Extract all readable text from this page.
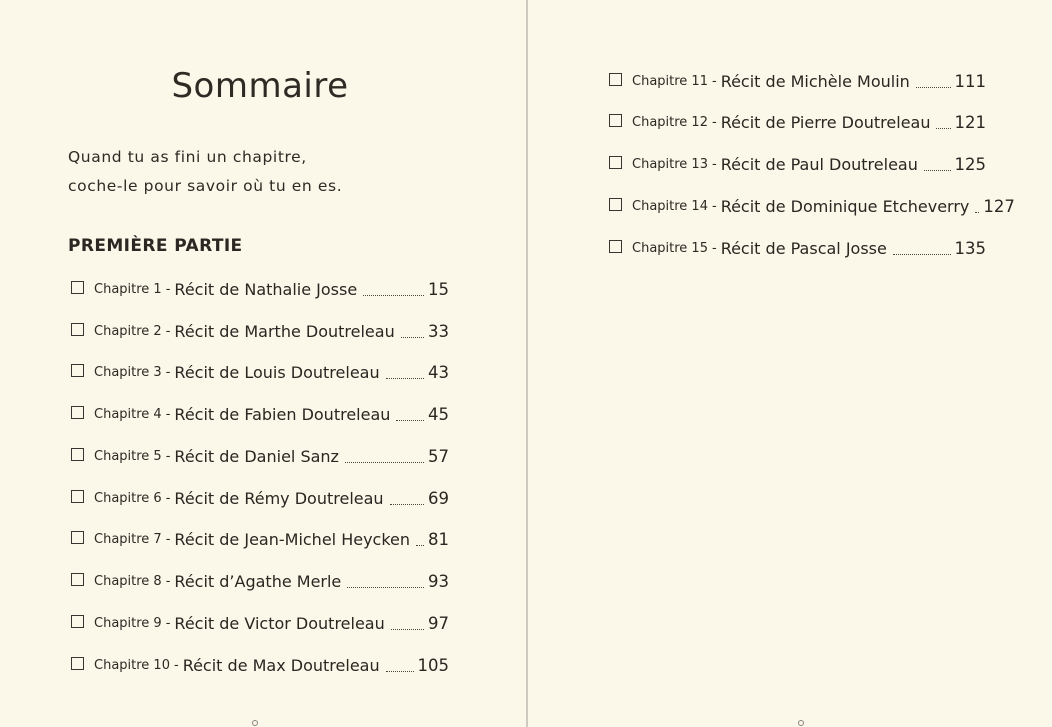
Sommaire
Quand tu as fini un chapitre,
coche-le pour savoir où tu en es.
PREMIÈRE PARTIE
Chapitre 1 - Récit de Nathalie Josse	15
Chapitre 2 - Récit de Marthe Doutreleau 33
Chapitre 3 - Récit de Louis Doutreleau	43
Chapitre 4 - Récit de Fabien Doutreleau 45
Chapitre 5 - Récit de Daniel Sanz	57
Chapitre 6 - Récit de Rémy Doutreleau	69
Chapitre 7 - Récit de Jean-Michel Heycken 81
Chapitre 8 - Récit d’Agathe Merle	93
Chapitre 9 - Récit de Victor Doutreleau	97
Chapitre 10 - Récit de Max Doutreleau 105
Chapitre 11 - Récit de Michèle Moulin	111
Chapitre 12 - Récit de Pierre Doutreleau 121
Chapitre 13 - Récit de Paul Doutreleau 125
Chapitre 14 - Récit de Dominique Etcheverry 127
Chapitre 15 - Récit de Pascal Josse	135
